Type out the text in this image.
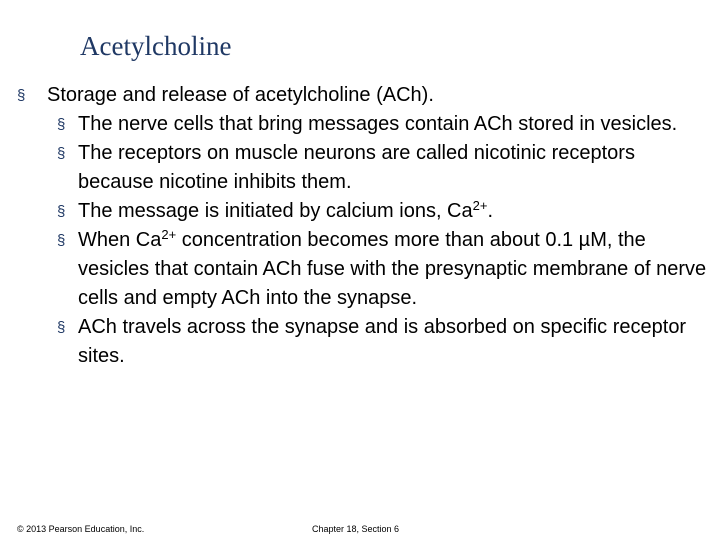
Acetylcholine
§ Storage and release of acetylcholine (ACh).
§ The nerve cells that bring messages contain ACh stored in vesicles.
§ The receptors on muscle neurons are called nicotinic receptors because nicotine inhibits them.
§ The message is initiated by calcium ions, $Ca^{2+}$.
§ When $Ca^{2+}$ concentration becomes more than about 0.1 µM, the vesicles that contain ACh fuse with the presynaptic membrane of nerve cells and empty ACh into the synapse.
§ ACh travels across the synapse and is absorbed on specific receptor sites.
© 2013 Pearson Education, Inc.	Chapter 18, Section 6
